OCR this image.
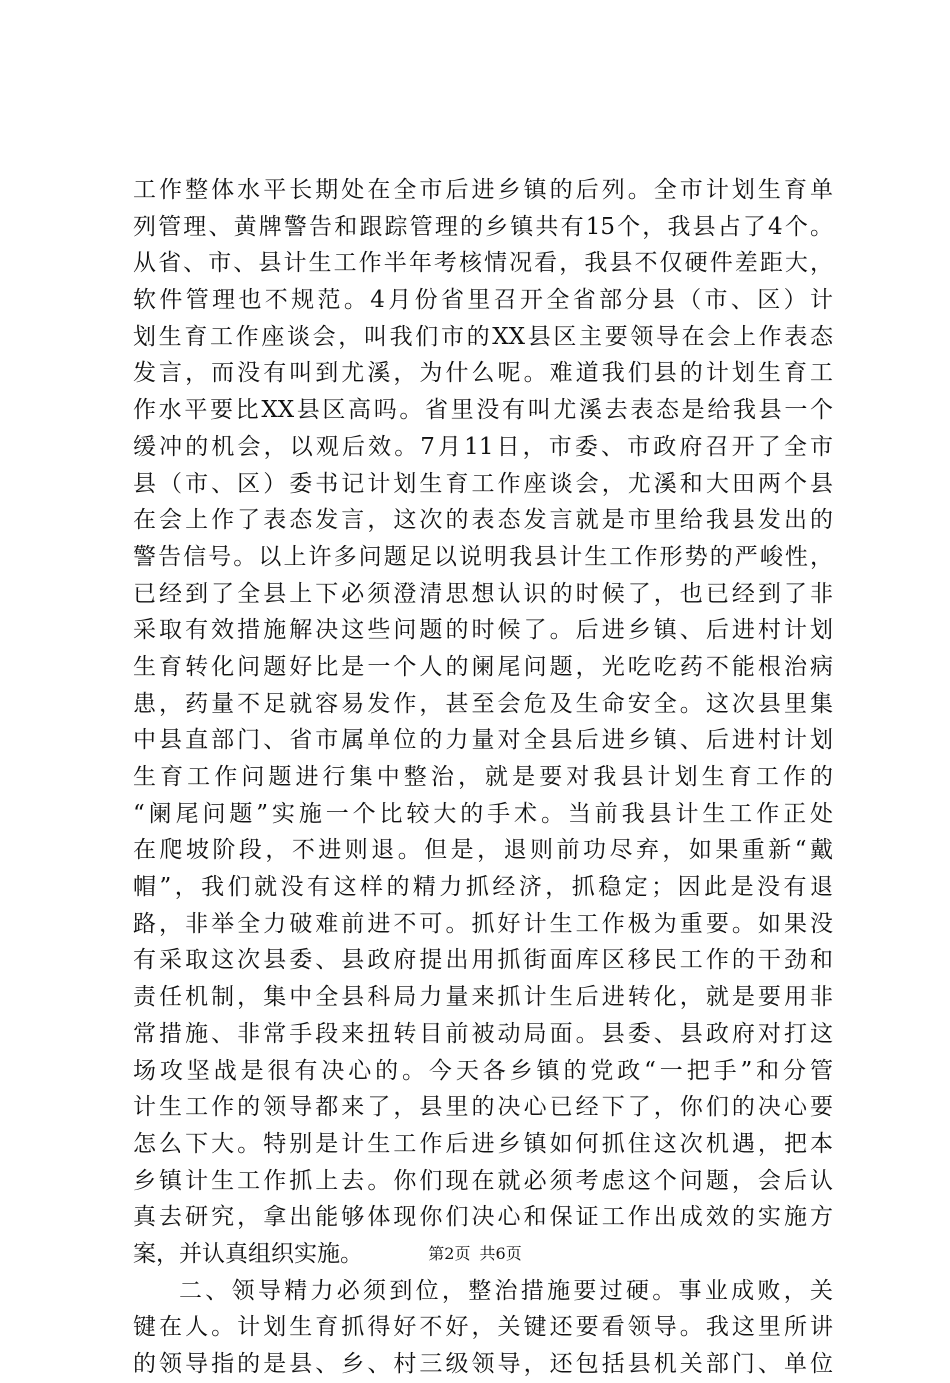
工作整体水平长期处在全市后进乡镇的后列。全市计划生育单
列管理、黄牌警告和跟踪管理的乡镇共有15个，我县占了4个。
从省、市、县计生工作半年考核情况看，我县不仅硬件差距大，
软件管理也不规范。4月份省里召开全省部分县（市、区）计
划生育工作座谈会，叫我们市的XX县区主要领导在会上作表态
发言，而没有叫到尤溪，为什么呢。难道我们县的计划生育工
作水平要比XX县区高吗。省里没有叫尤溪去表态是给我县一个
缓冲的机会，以观后效。7月11日，市委、市政府召开了全市
县（市、区）委书记计划生育工作座谈会，尤溪和大田两个县
在会上作了表态发言，这次的表态发言就是市里给我县发出的
警告信号。以上许多问题足以说明我县计生工作形势的严峻性，
已经到了全县上下必须澄清思想认识的时候了，也已经到了非
采取有效措施解决这些问题的时候了。后进乡镇、后进村计划
生育转化问题好比是一个人的阑尾问题，光吃吃药不能根治病
患，药量不足就容易发作，甚至会危及生命安全。这次县里集
中县直部门、省市属单位的力量对全县后进乡镇、后进村计划
生育工作问题进行集中整治，就是要对我县计划生育工作的
“阑尾问题”实施一个比较大的手术。当前我县计生工作正处
在爬坡阶段，不进则退。但是，退则前功尽弃，如果重新“戴
帽”，我们就没有这样的精力抓经济，抓稳定；因此是没有退
路，非举全力破难前进不可。抓好计生工作极为重要。如果没
有采取这次县委、县政府提出用抓街面库区移民工作的干劲和
责任机制，集中全县科局力量来抓计生后进转化，就是要用非
常措施、非常手段来扭转目前被动局面。县委、县政府对打这
场攻坚战是很有决心的。今天各乡镇的党政“一把手”和分管
计生工作的领导都来了，县里的决心已经下了，你们的决心要
怎么下大。特别是计生工作后进乡镇如何抓住这次机遇，把本
乡镇计生工作抓上去。你们现在就必须考虑这个问题，会后认
真去研究，拿出能够体现你们决心和保证工作出成效的实施方
案，并认真组织实施。
二、领导精力必须到位，整治措施要过硬。事业成败，关
键在人。计划生育抓得好不好，关键还要看领导。我这里所讲
的领导指的是县、乡、村三级领导，还包括县机关部门、单位
第2页 共6页
